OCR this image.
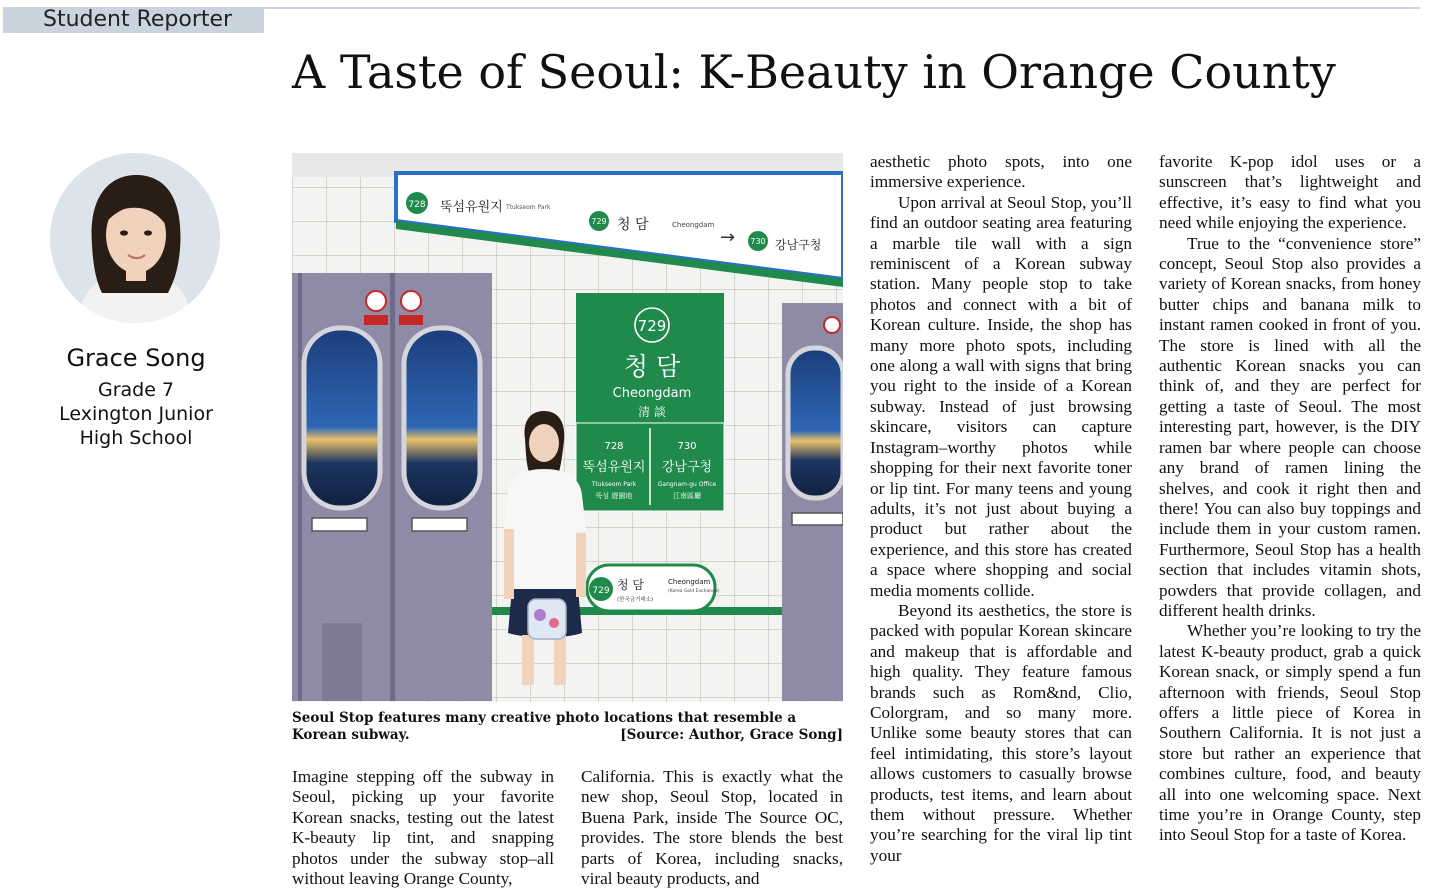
Student Reporter
A Taste of Seoul: K-Beauty in Orange County
Grace Song
Grade 7
Lexington Junior
High School
728 뚝섬유원지 Ttukseom Park
729 청 담	Cheongdam
→ 730 강남구청
729
청 담
Cheongdam
清 談
728
뚝섬유원지
Ttukseom Park
뚝섬 遊園地
730
강남구청
Gangnam-gu Office
江南區廳
729 청 담
(한국금거래소)
Cheongdam
(Korea Gold Exchange)
Seoul Stop features many creative photo locations that resemble a Korean subway.	[Source: Author, Grace Song]

Imagine stepping off the subway in Seoul, picking up your favorite Korean snacks, testing out the latest K-beauty lip tint, and snapping photos under the subway stop–all without leaving Orange County,

California. This is exactly what the new shop, Seoul Stop, located in Buena Park, inside The Source OC, provides. The store blends the best parts of Korea, including snacks, viral beauty products, and

aesthetic photo spots, into one immersive experience.

Upon arrival at Seoul Stop, you’ll find an outdoor seating area featuring a marble tile wall with a sign reminiscent of a Korean subway station. Many people stop to take photos and connect with a bit of Korean culture. Inside, the shop has many more photo spots, including one along a wall with signs that bring you right to the inside of a Korean subway. Instead of just browsing skincare, visitors can capture Instagram–worthy photos while shopping for their next favorite toner or lip tint. For many teens and young adults, it’s not just about buying a product but rather about the experience, and this store has created a space where shopping and social media moments collide.

Beyond its aesthetics, the store is packed with popular Korean skincare and makeup that is affordable and high quality. They feature famous brands such as Rom&nd, Clio, Colorgram, and so many more. Unlike some beauty stores that can feel intimidating, this store’s layout allows customers to casually browse products, test items, and learn about them without pressure. Whether you’re searching for the viral lip tint your

favorite K-pop idol uses or a sunscreen that’s lightweight and effective, it’s easy to find what you need while enjoying the experience.

True to the “convenience store” concept, Seoul Stop also provides a variety of Korean snacks, from honey butter chips and banana milk to instant ramen cooked in front of you. The store is lined with all the authentic Korean snacks you can think of, and they are perfect for getting a taste of Seoul. The most interesting part, however, is the DIY ramen bar where people can choose any brand of ramen lining the shelves, and cook it right then and there! You can also buy toppings and include them in your custom ramen. Furthermore, Seoul Stop has a health section that includes vitamin shots, powders that provide collagen, and different health drinks.

Whether you’re looking to try the latest K-beauty product, grab a quick Korean snack, or simply spend a fun afternoon with friends, Seoul Stop offers a little piece of Korea in Southern California. It is not just a store but rather an experience that combines culture, food, and beauty all into one welcoming space. Next time you’re in Orange County, step into Seoul Stop for a taste of Korea.
